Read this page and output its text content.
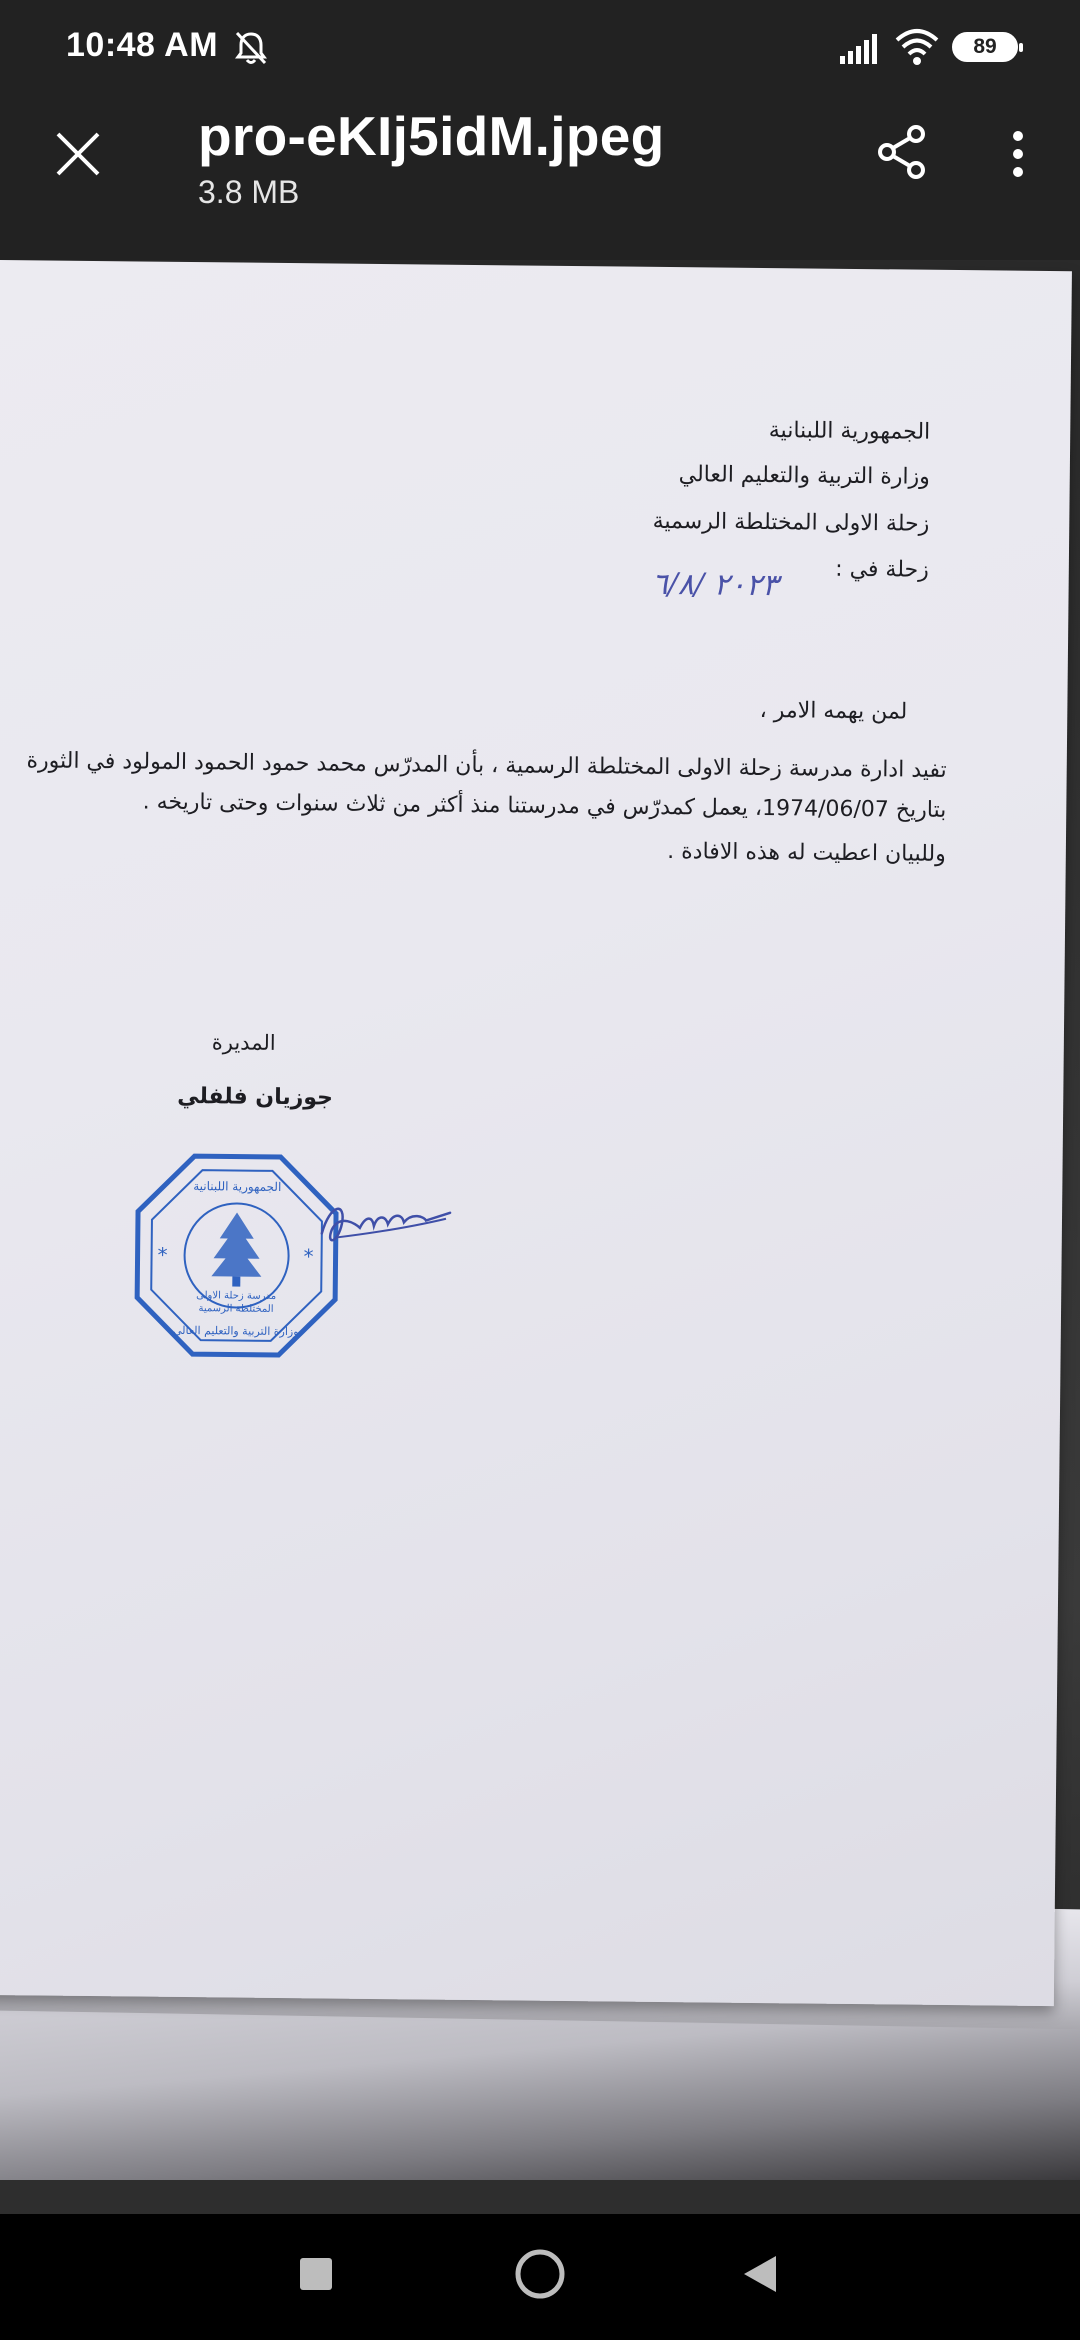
10:48 AM	89
pro-eKIj5idM.jpeg
3.8 MB
الجمهورية اللبنانية
وزارة التربية والتعليم العالي
زحلة الاولى المختلطة الرسمية
زحلة في :
٢٠٢٣ /٦/٨
لمن يهمه الامر ،
تفيد ادارة مدرسة زحلة الاولى المختلطة الرسمية ، بأن المدرّس محمد حمود الحمود المولود في الثورة
بتاريخ 1974/06/07، يعمل كمدرّس في مدرستنا منذ أكثر من ثلاث سنوات وحتى تاريخه .
وللبيان اعطيت له هذه الافادة .
المديرة
جوزيان فلفلي
الجمهورية اللبنانية
وزارة التربية والتعليم العالي
مدرسة زحلة الاولى
المختلطة الرسمية
*	*
